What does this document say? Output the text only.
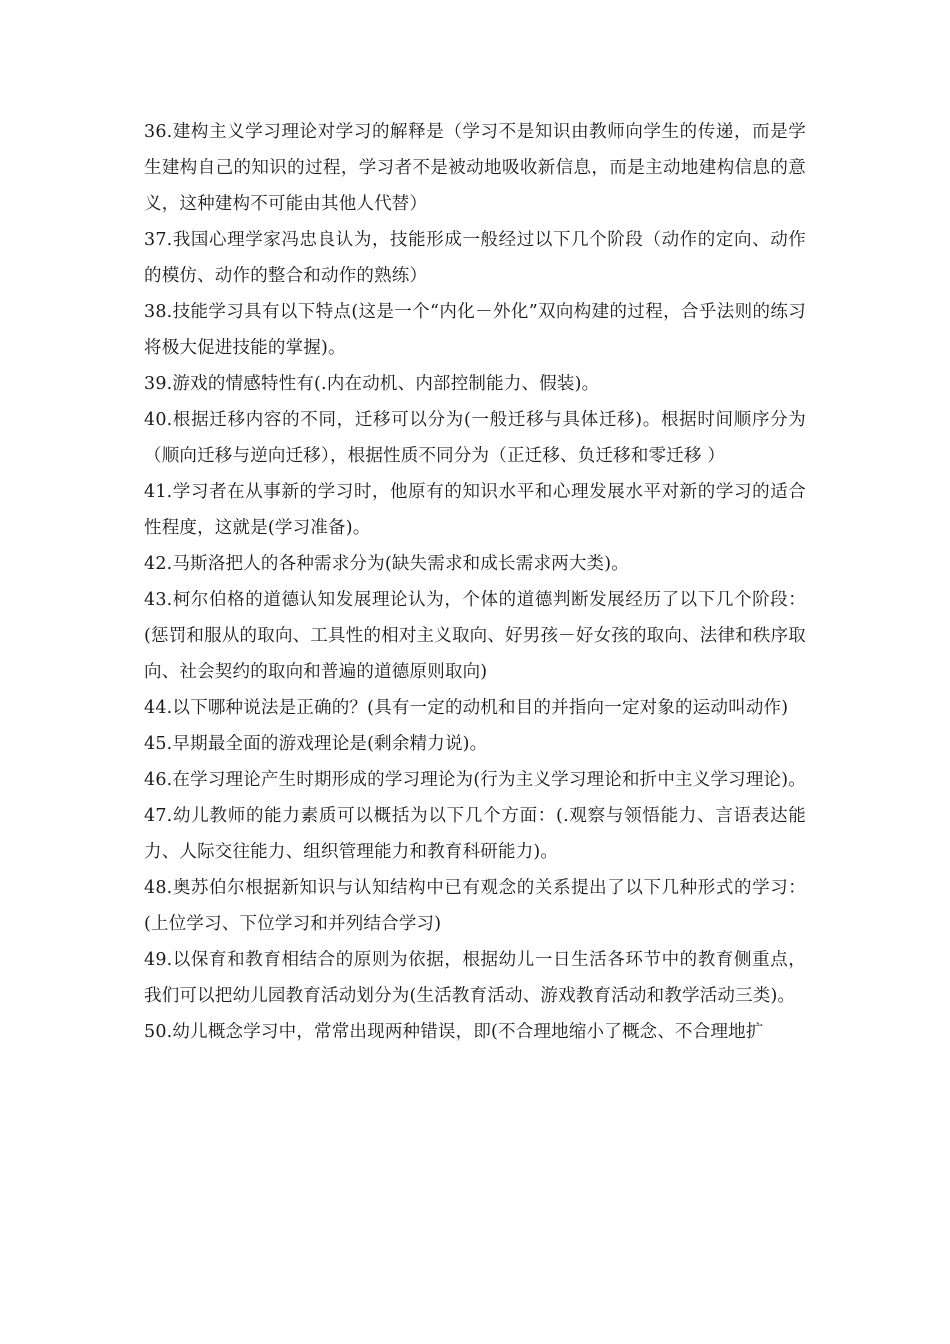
36.建构主义学习理论对学习的解释是（学习不是知识由教师向学生的传递，而是学生建构自己的知识的过程，学习者不是被动地吸收新信息，而是主动地建构信息的意义，这种建构不可能由其他人代替）

37.我国心理学家冯忠良认为，技能形成一般经过以下几个阶段（动作的定向、动作的模仿、动作的整合和动作的熟练）

38.技能学习具有以下特点(这是一个“内化－外化”双向构建的过程，合乎法则的练习将极大促进技能的掌握)。

39.游戏的情感特性有(.内在动机、内部控制能力、假装)。

40.根据迁移内容的不同，迁移可以分为(一般迁移与具体迁移)。根据时间顺序分为（顺向迁移与逆向迁移），根据性质不同分为（正迁移、负迁移和零迁移 ）

41.学习者在从事新的学习时，他原有的知识水平和心理发展水平对新的学习的适合性程度，这就是(学习准备)。

42.马斯洛把人的各种需求分为(缺失需求和成长需求两大类)。

43.柯尔伯格的道德认知发展理论认为，个体的道德判断发展经历了以下几个阶段：(惩罚和服从的取向、工具性的相对主义取向、好男孩－好女孩的取向、法律和秩序取向、社会契约的取向和普遍的道德原则取向)

44.以下哪种说法是正确的？(具有一定的动机和目的并指向一定对象的运动叫动作)

45.早期最全面的游戏理论是(剩余精力说)。

46.在学习理论产生时期形成的学习理论为(行为主义学习理论和折中主义学习理论)。

47.幼儿教师的能力素质可以概括为以下几个方面：(.观察与领悟能力、言语表达能力、人际交往能力、组织管理能力和教育科研能力)。

48.奥苏伯尔根据新知识与认知结构中已有观念的关系提出了以下几种形式的学习：(上位学习、下位学习和并列结合学习)

49.以保育和教育相结合的原则为依据，根据幼儿一日生活各环节中的教育侧重点，我们可以把幼儿园教育活动划分为(生活教育活动、游戏教育活动和教学活动三类)。

50.幼儿概念学习中，常常出现两种错误，即(不合理地缩小了概念、不合理地扩
